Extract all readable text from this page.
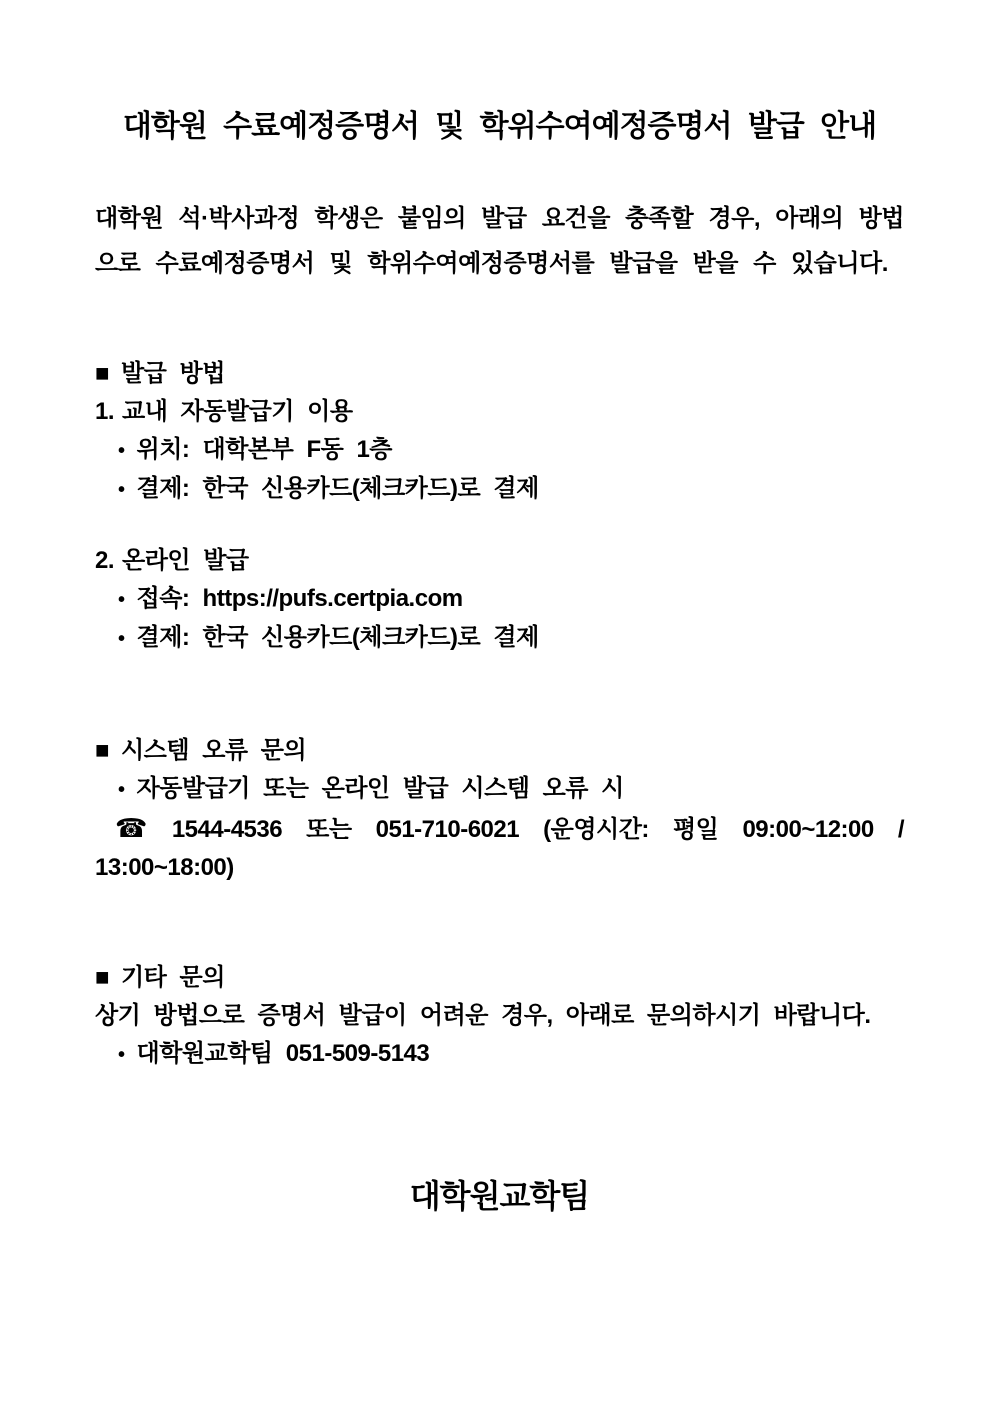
대학원 수료예정증명서 및 학위수여예정증명서 발급 안내
대학원 석·박사과정 학생은 붙임의 발급 요건을 충족할 경우, 아래의 방법으로 수료예정증명서 및 학위수여예정증명서를 발급을 받을 수 있습니다.
■ 발급 방법
1. 교내 자동발급기 이용
• 위치: 대학본부 F동 1층
• 결제: 한국 신용카드(체크카드)로 결제
2. 온라인 발급
• 접속: https://pufs.certpia.com
• 결제: 한국 신용카드(체크카드)로 결제
■ 시스템 오류 문의
• 자동발급기 또는 온라인 발급 시스템 오류 시
☎ 1544-4536 또는 051-710-6021 (운영시간: 평일 09:00~12:00 / 13:00~18:00)
■ 기타 문의
상기 방법으로 증명서 발급이 어려운 경우, 아래로 문의하시기 바랍니다.
• 대학원교학팀 051-509-5143
대학원교학팀
